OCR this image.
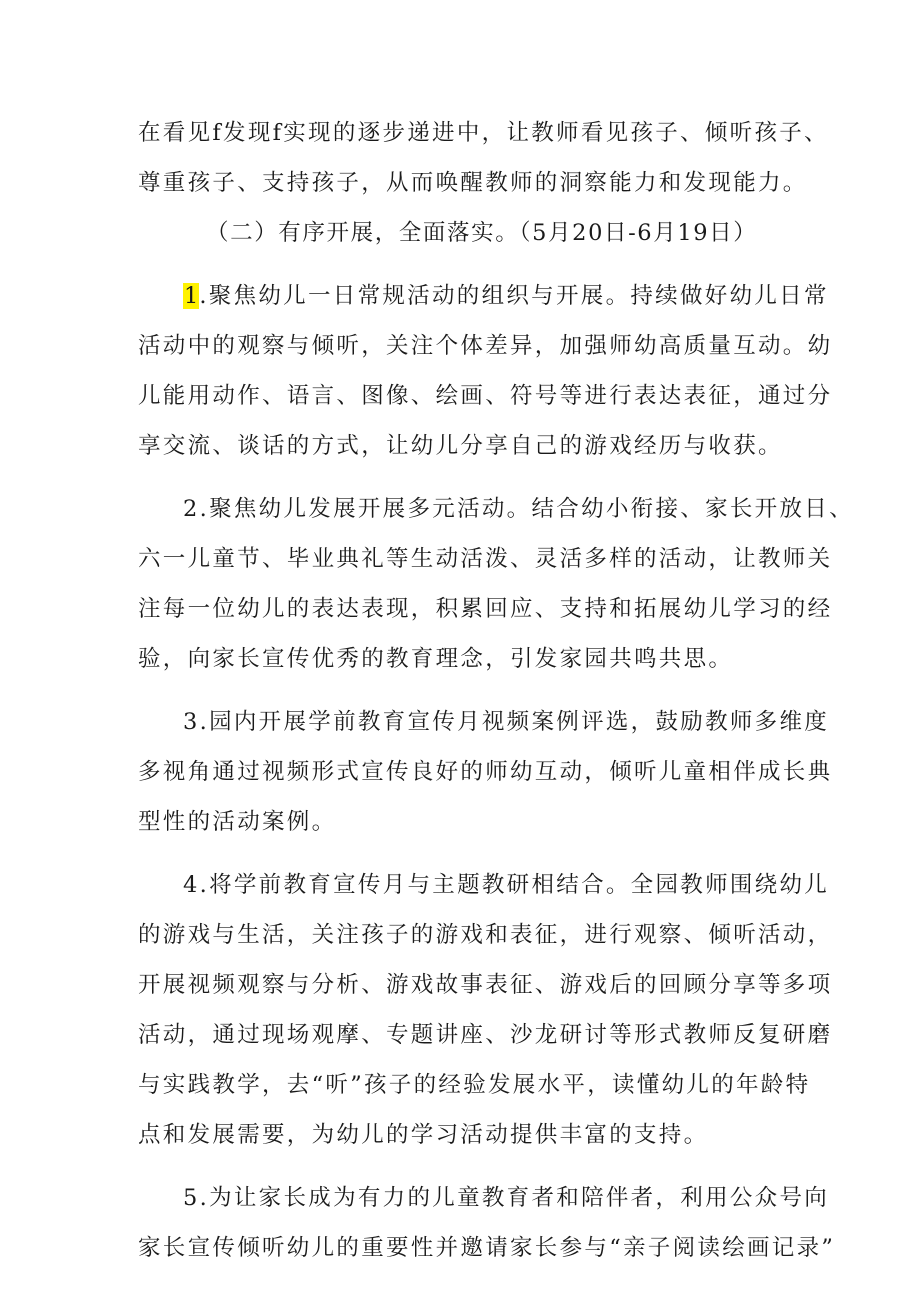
在看见f发现f实现的逐步递进中，让教师看见孩子、倾听孩子、

尊重孩子、支持孩子，从而唤醒教师的洞察能力和发现能力。

（二）有序开展，全面落实。（5月20日-6月19日）

1.聚焦幼儿一日常规活动的组织与开展。持续做好幼儿日常

活动中的观察与倾听，关注个体差异，加强师幼高质量互动。幼

儿能用动作、语言、图像、绘画、符号等进行表达表征，通过分

享交流、谈话的方式，让幼儿分享自己的游戏经历与收获。

2.聚焦幼儿发展开展多元活动。结合幼小衔接、家长开放日、

六一儿童节、毕业典礼等生动活泼、灵活多样的活动，让教师关

注每一位幼儿的表达表现，积累回应、支持和拓展幼儿学习的经

验，向家长宣传优秀的教育理念，引发家园共鸣共思。

3.园内开展学前教育宣传月视频案例评选，鼓励教师多维度

多视角通过视频形式宣传良好的师幼互动，倾听儿童相伴成长典

型性的活动案例。

4.将学前教育宣传月与主题教研相结合。全园教师围绕幼儿

的游戏与生活，关注孩子的游戏和表征，进行观察、倾听活动，

开展视频观察与分析、游戏故事表征、游戏后的回顾分享等多项

活动，通过现场观摩、专题讲座、沙龙研讨等形式教师反复研磨

与实践教学，去“听”孩子的经验发展水平，读懂幼儿的年龄特

点和发展需要，为幼儿的学习活动提供丰富的支持。

5.为让家长成为有力的儿童教育者和陪伴者，利用公众号向

家长宣传倾听幼儿的重要性并邀请家长参与“亲子阅读绘画记录”
